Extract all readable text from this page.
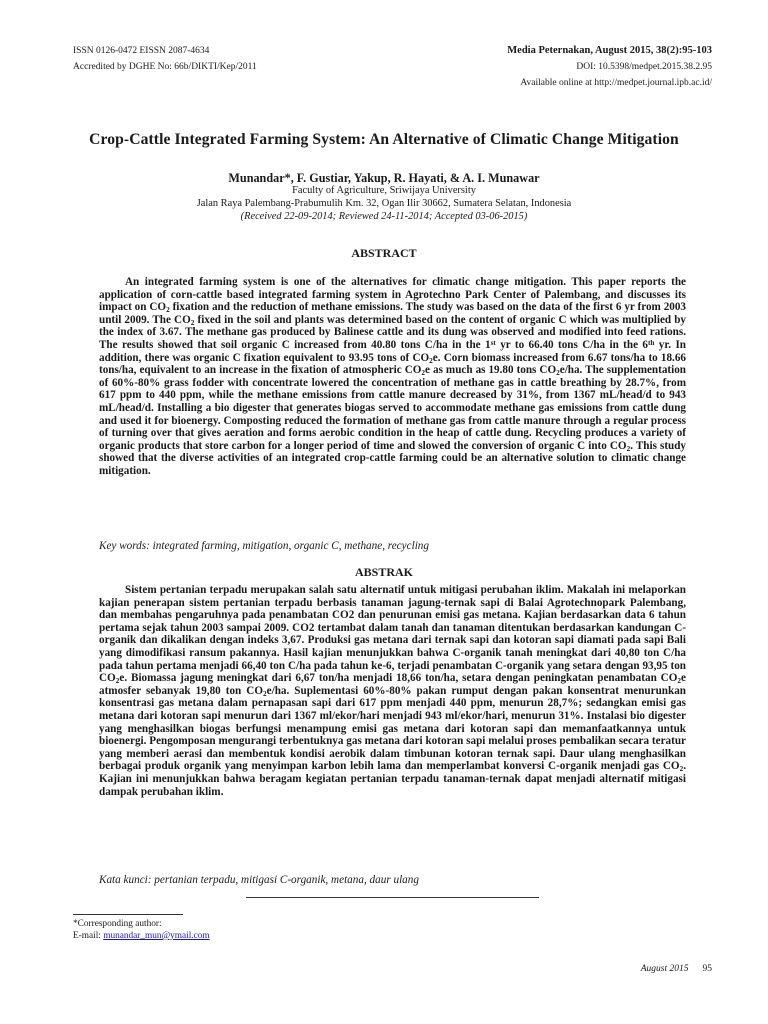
ISSN 0126-0472 EISSN 2087-4634
Accredited by DGHE No: 66b/DIKTI/Kep/2011
Media Peternakan, August 2015, 38(2):95-103
DOI: 10.5398/medpet.2015.38.2.95
Available online at http://medpet.journal.ipb.ac.id/
Crop-Cattle Integrated Farming System: An Alternative of Climatic Change Mitigation
Munandar*, F. Gustiar, Yakup, R. Hayati, & A. I. Munawar
Faculty of Agriculture, Sriwijaya University
Jalan Raya Palembang-Prabumulih Km. 32, Ogan Ilir 30662, Sumatera Selatan, Indonesia
(Received 22-09-2014; Reviewed 24-11-2014; Accepted 03-06-2015)
ABSTRACT
An integrated farming system is one of the alternatives for climatic change mitigation. This paper reports the application of corn-cattle based integrated farming system in Agrotechno Park Center of Palembang, and discusses its impact on $CO_2$ fixation and the reduction of methane emissions. The study was based on the data of the first 6 yr from 2003 until 2009. The $CO_2$ fixed in the soil and plants was determined based on the content of organic C which was multiplied by the index of 3.67. The methane gas produced by Balinese cattle and its dung was observed and modified into feed rations. The results showed that soil organic C increased from 40.80 tons C/ha in the 1st yr to 66.40 tons C/ha in the 6th yr. In addition, there was organic C fixation equivalent to 93.95 tons of $CO_2e$. Corn biomass increased from 6.67 tons/ha to 18.66 tons/ha, equivalent to an increase in the fixation of atmospheric $CO_2e$ as much as 19.80 tons $CO_2e/ha$. The supplementation of 60%-80% grass fodder with concentrate lowered the concentration of methane gas in cattle breathing by 28.7%, from 617 ppm to 440 ppm, while the methane emissions from cattle manure decreased by 31%, from 1367 mL/head/d to 943 mL/head/d. Installing a bio digester that generates biogas served to accommodate methane gas emissions from cattle dung and used it for bioenergy. Composting reduced the formation of methane gas from cattle manure through a regular process of turning over that gives aeration and forms aerobic condition in the heap of cattle dung. Recycling produces a variety of organic products that store carbon for a longer period of time and slowed the conversion of organic C into $CO_2$. This study showed that the diverse activities of an integrated crop-cattle farming could be an alternative solution to climatic change mitigation.
Key words: integrated farming, mitigation, organic C, methane, recycling
ABSTRAK
Sistem pertanian terpadu merupakan salah satu alternatif untuk mitigasi perubahan iklim. Makalah ini melaporkan kajian penerapan sistem pertanian terpadu berbasis tanaman jagung-ternak sapi di Balai Agrotechnopark Palembang, dan membahas pengaruhnya pada penambatan CO2 dan penurunan emisi gas metana. Kajian berdasarkan data 6 tahun pertama sejak tahun 2003 sampai 2009. CO2 tertambat dalam tanah dan tanaman ditentukan berdasarkan kandungan C-organik dan dikalikan dengan indeks 3,67. Produksi gas metana dari ternak sapi dan kotoran sapi diamati pada sapi Bali yang dimodifikasi ransum pakannya. Hasil kajian menunjukkan bahwa C-organik tanah meningkat dari 40,80 ton C/ha pada tahun pertama menjadi 66,40 ton C/ha pada tahun ke-6, terjadi penambatan C-organik yang setara dengan 93,95 ton $CO_2e$. Biomassa jagung meningkat dari 6,67 ton/ha menjadi 18,66 ton/ha, setara dengan peningkatan penambatan $CO_2e$ atmosfer sebanyak 19,80 ton $CO_2e/ha$. Suplementasi 60%-80% pakan rumput dengan pakan konsentrat menurunkan konsentrasi gas metana dalam pernapasan sapi dari 617 ppm menjadi 440 ppm, menurun 28,7%; sedangkan emisi gas metana dari kotoran sapi menurun dari 1367 ml/ekor/hari menjadi 943 ml/ekor/hari, menurun 31%. Instalasi bio digester yang menghasilkan biogas berfungsi menampung emisi gas metana dari kotoran sapi dan memanfaatkannya untuk bioenergi. Pengomposan mengurangi terbentuknya gas metana dari kotoran sapi melalui proses pembalikan secara teratur yang memberi aerasi dan membentuk kondisi aerobik dalam timbunan kotoran ternak sapi. Daur ulang menghasilkan berbagai produk organik yang menyimpan karbon lebih lama dan memperlambat konversi C-organik menjadi gas $CO_2$. Kajian ini menunjukkan bahwa beragam kegiatan pertanian terpadu tanaman-ternak dapat menjadi alternatif mitigasi dampak perubahan iklim.
Kata kunci: pertanian terpadu, mitigasi C-organik, metana, daur ulang
*Corresponding author:
E-mail: munandar_mun@ymail.com
August 2015 95
